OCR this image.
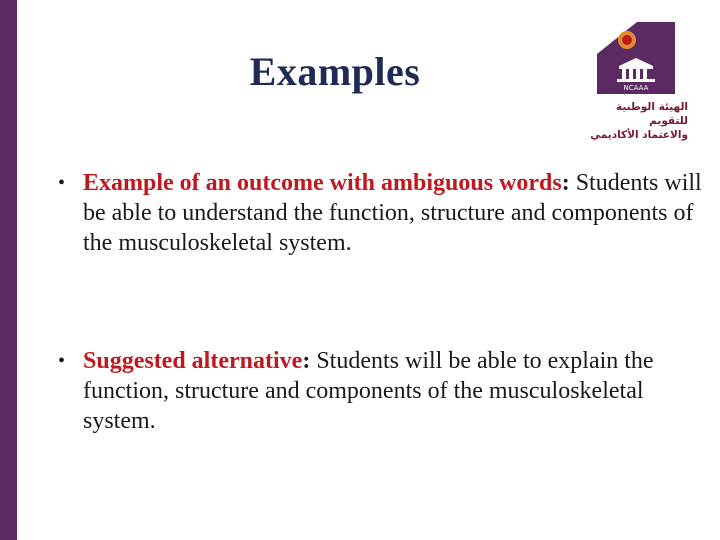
Examples	NCAAA
الهيئة الوطنية للتقويم
والاعتماد الأكاديمي
• Example of an outcome with ambiguous words: Students will be able to understand the function, structure and components of the musculoskeletal system.
• Suggested alternative: Students will be able to explain the function, structure and components of the musculoskeletal system.
